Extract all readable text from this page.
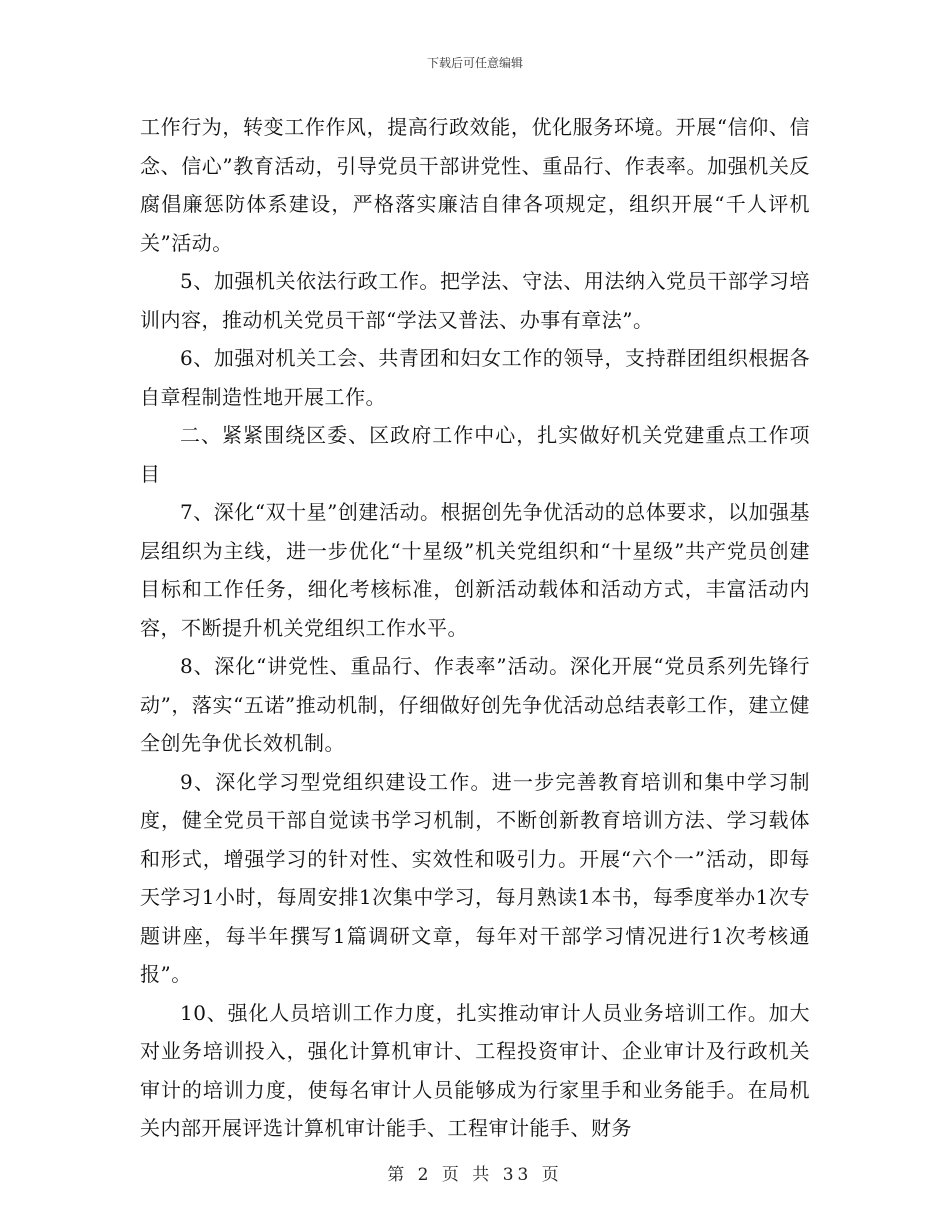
下载后可任意编辑

工作行为，转变工作作风，提高行政效能，优化服务环境。开展“信仰、信念、信心”教育活动，引导党员干部讲党性、重品行、作表率。加强机关反腐倡廉惩防体系建设，严格落实廉洁自律各项规定，组织开展“千人评机关”活动。

5、加强机关依法行政工作。把学法、守法、用法纳入党员干部学习培训内容，推动机关党员干部“学法又普法、办事有章法”。

6、加强对机关工会、共青团和妇女工作的领导，支持群团组织根据各自章程制造性地开展工作。

二、紧紧围绕区委、区政府工作中心，扎实做好机关党建重点工作项目

7、深化“双十星”创建活动。根据创先争优活动的总体要求，以加强基层组织为主线，进一步优化“十星级”机关党组织和“十星级”共产党员创建目标和工作任务，细化考核标准，创新活动载体和活动方式，丰富活动内容，不断提升机关党组织工作水平。

8、深化“讲党性、重品行、作表率”活动。深化开展“党员系列先锋行动”，落实“五诺”推动机制，仔细做好创先争优活动总结表彰工作，建立健全创先争优长效机制。

9、深化学习型党组织建设工作。进一步完善教育培训和集中学习制度，健全党员干部自觉读书学习机制，不断创新教育培训方法、学习载体和形式，增强学习的针对性、实效性和吸引力。开展“六个一”活动，即每天学习1小时，每周安排1次集中学习，每月熟读1本书，每季度举办1次专题讲座，每半年撰写1篇调研文章，每年对干部学习情况进行1次考核通报”。

10、强化人员培训工作力度，扎实推动审计人员业务培训工作。加大对业务培训投入，强化计算机审计、工程投资审计、企业审计及行政机关审计的培训力度，使每名审计人员能够成为行家里手和业务能手。在局机关内部开展评选计算机审计能手、工程审计能手、财务

第 2 页 共 33 页
